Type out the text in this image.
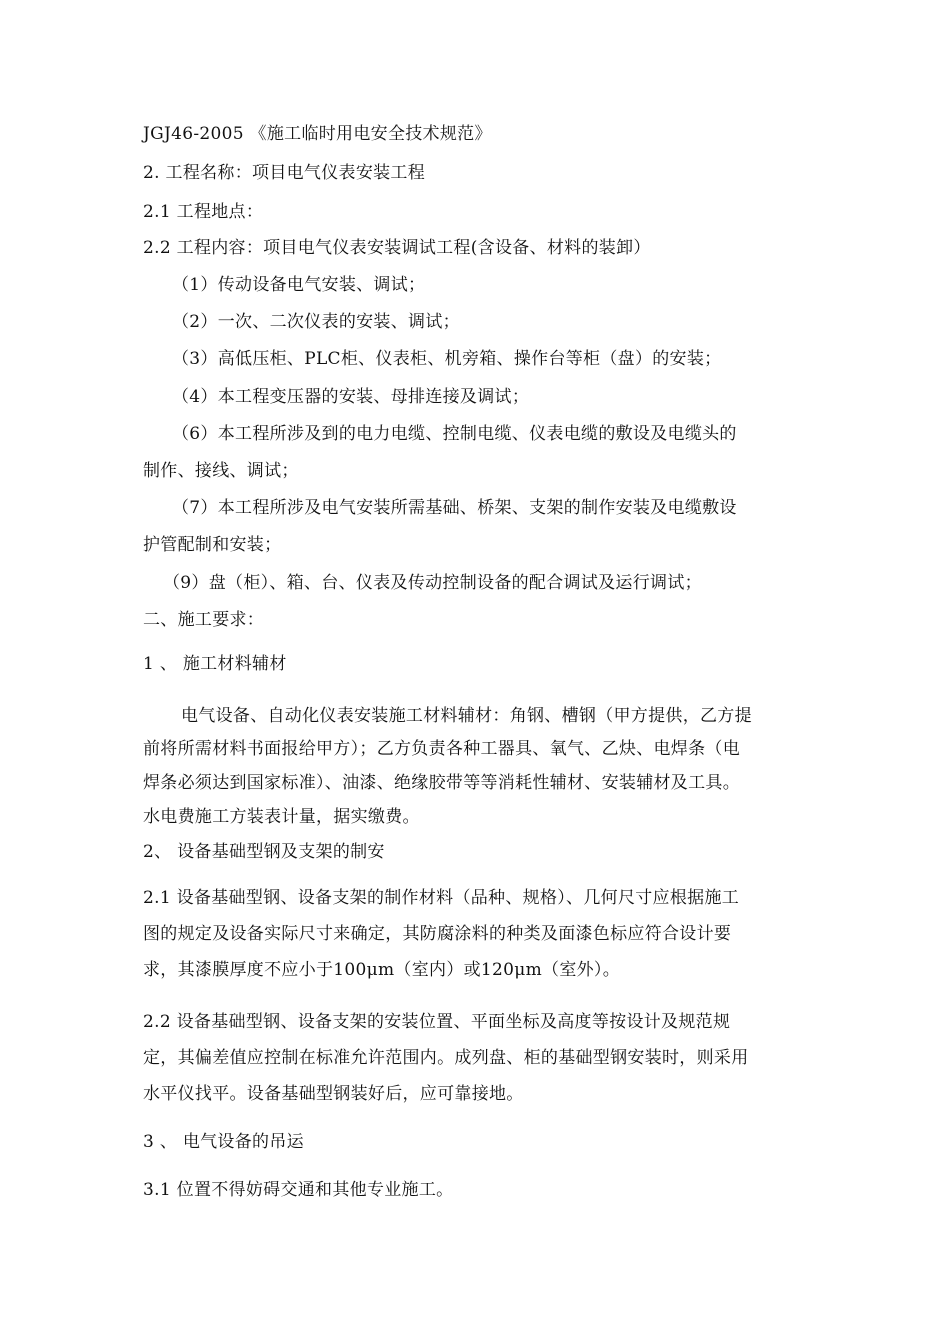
JGJ46-2005 《施工临时用电安全技术规范》
2. 工程名称：项目电气仪表安装工程
2.1 工程地点：
2.2 工程内容：项目电气仪表安装调试工程(含设备、材料的装卸）
（1）传动设备电气安装、调试；
（2）一次、二次仪表的安装、调试；
（3）高低压柜、PLC柜、仪表柜、机旁箱、操作台等柜（盘）的安装；
（4）本工程变压器的安装、母排连接及调试；
（6）本工程所涉及到的电力电缆、控制电缆、仪表电缆的敷设及电缆头的
制作、接线、调试；
（7）本工程所涉及电气安装所需基础、桥架、支架的制作安装及电缆敷设
护管配制和安装；
（9）盘（柜）、箱、台、仪表及传动控制设备的配合调试及运行调试；
二、施工要求：
1 、 施工材料辅材
电气设备、自动化仪表安装施工材料辅材：角钢、槽钢（甲方提供，乙方提
前将所需材料书面报给甲方）；乙方负责各种工器具、氧气、乙炔、电焊条（电
焊条必须达到国家标准）、油漆、绝缘胶带等等消耗性辅材、安装辅材及工具。
水电费施工方装表计量，据实缴费。
2、 设备基础型钢及支架的制安
2.1 设备基础型钢、设备支架的制作材料（品种、规格）、几何尺寸应根据施工
图的规定及设备实际尺寸来确定，其防腐涂料的种类及面漆色标应符合设计要
求，其漆膜厚度不应小于100μm（室内）或120μm（室外）。
2.2 设备基础型钢、设备支架的安装位置、平面坐标及高度等按设计及规范规
定，其偏差值应控制在标准允许范围内。成列盘、柜的基础型钢安装时，则采用
水平仪找平。设备基础型钢装好后，应可靠接地。
3 、 电气设备的吊运
3.1 位置不得妨碍交通和其他专业施工。
